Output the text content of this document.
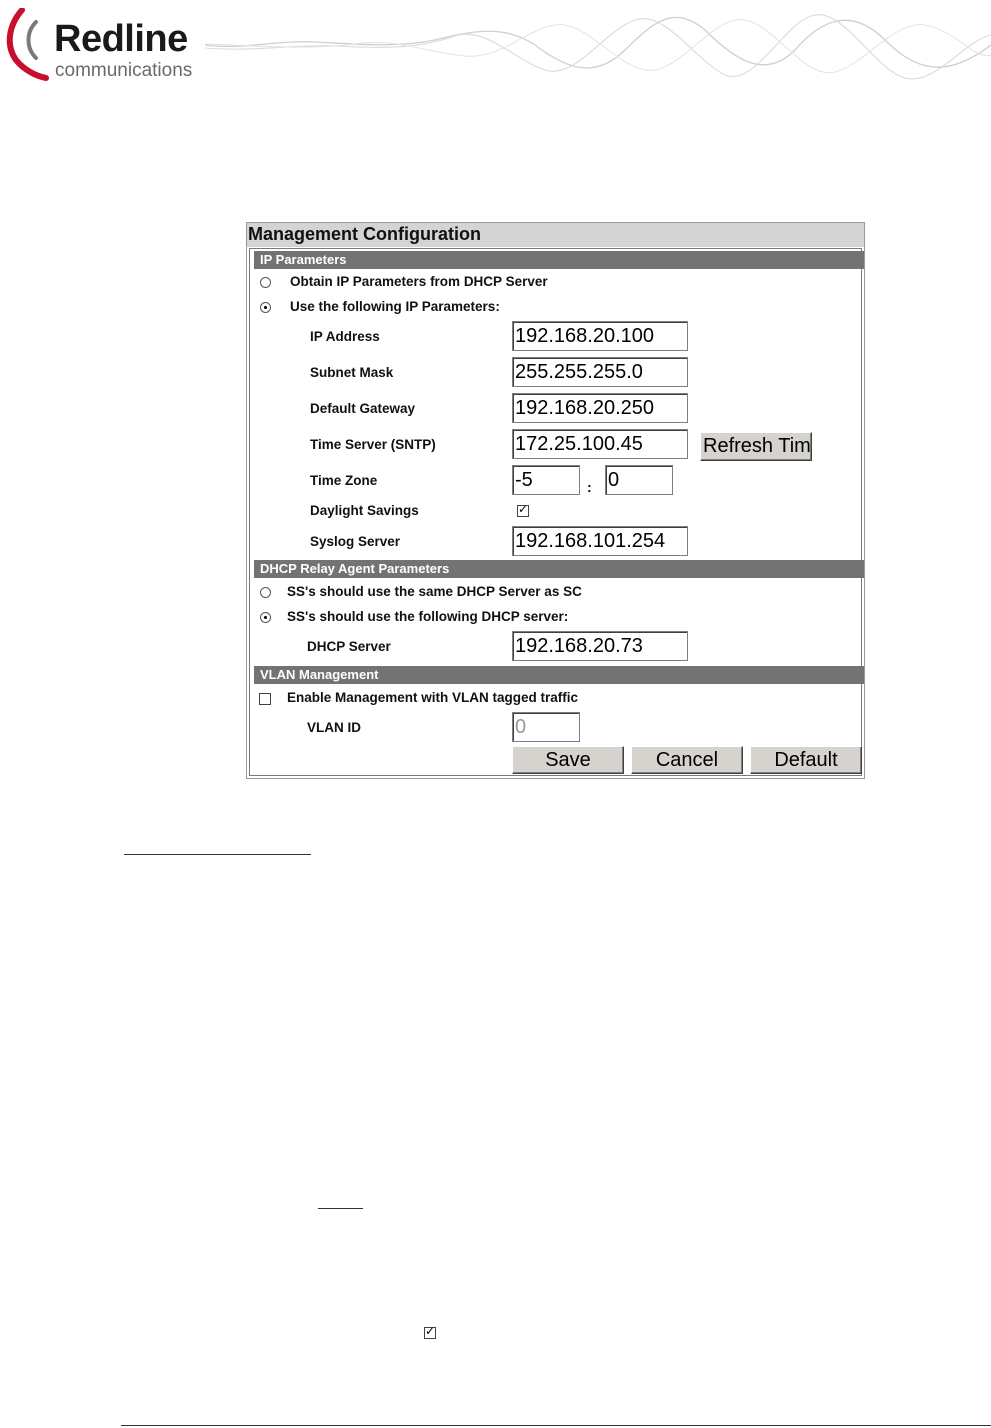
Redline
communications
Management Configuration
IP Parameters
Obtain IP Parameters from DHCP Server
Use the following IP Parameters:
IP Address	192.168.20.100
Subnet Mask	255.255.255.0
Default Gateway	192.168.20.250
Time Server (SNTP)	172.25.100.45	Refresh Tim
Time Zone	-5	: 0
Daylight Savings
✓
Syslog Server	192.168.101.254
DHCP Relay Agent Parameters
SS's should use the same DHCP Server as SC
SS's should use the following DHCP server:
DHCP Server	192.168.20.73
VLAN Management
Enable Management with VLAN tagged traffic
VLAN ID	0
Save	Cancel	Default
✓
